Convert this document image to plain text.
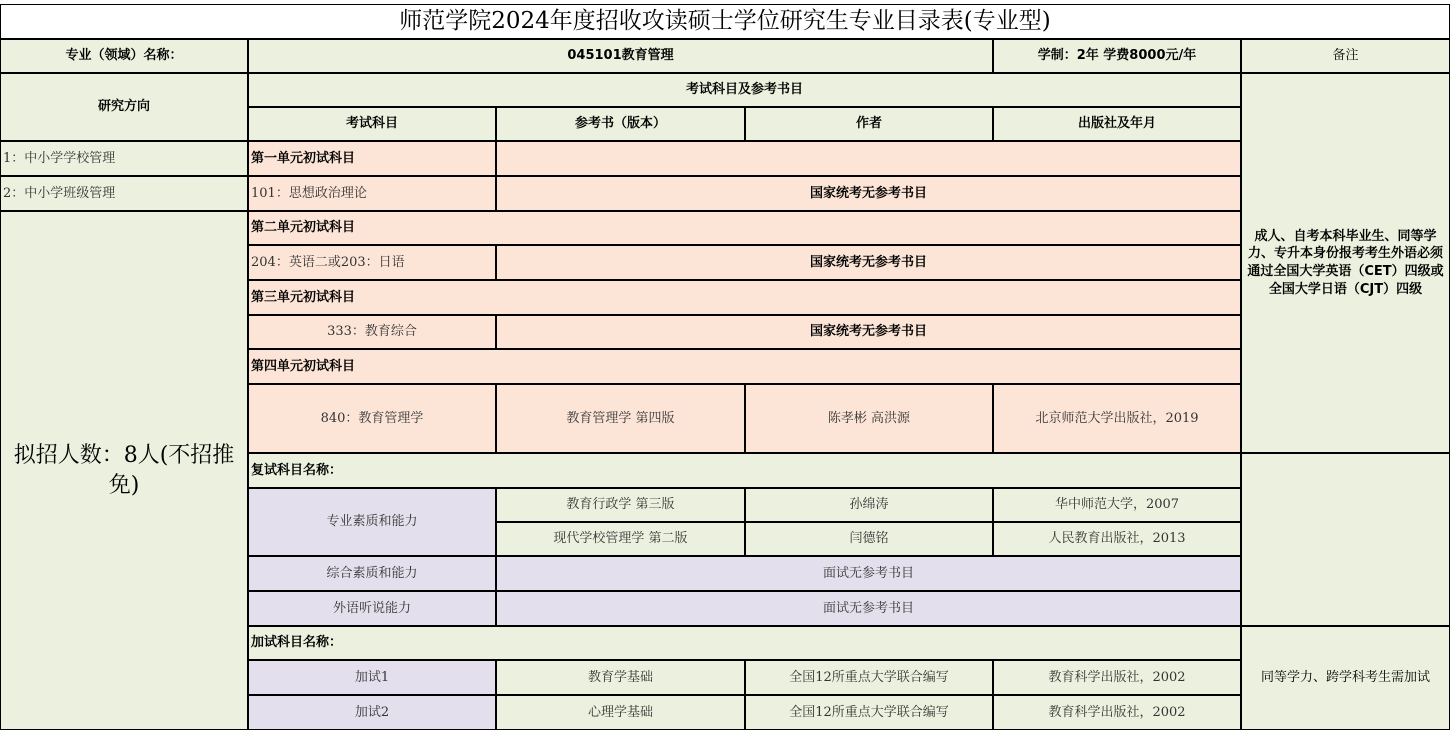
师范学院2024年度招收攻读硕士学位研究生专业目录表(专业型)
专业（领域）名称：	045101教育管理	学制：2年 学费8000元/年	备注
研究方向
考试科目及参考书目
考试科目	参考书（版本）	作者	出版社及年月
成人、自考本科毕业生、同等学力、专升本身份报考考生外语必须通过全国大学英语（CET）四级或全国大学日语（CJT）四级
同等学力、跨学科考生需加试
1：中小学学校管理
2：中小学班级管理
拟招人数：8人(不招推免)
第一单元初试科目
101：思想政治理论	国家统考无参考书目
第二单元初试科目
204：英语二或203：日语	国家统考无参考书目
第三单元初试科目
333：教育综合	国家统考无参考书目
第四单元初试科目
840：教育管理学	教育管理学 第四版	陈孝彬 高洪源	北京师范大学出版社，2019
复试科目名称：
专业素质和能力
教育行政学 第三版	孙绵涛	华中师范大学，2007
现代学校管理学 第二版	闫德铭	人民教育出版社，2013
综合素质和能力	面试无参考书目
外语听说能力	面试无参考书目
加试科目名称：
加试1	教育学基础	全国12所重点大学联合编写	教育科学出版社，2002
加试2	心理学基础	全国12所重点大学联合编写	教育科学出版社，2002
